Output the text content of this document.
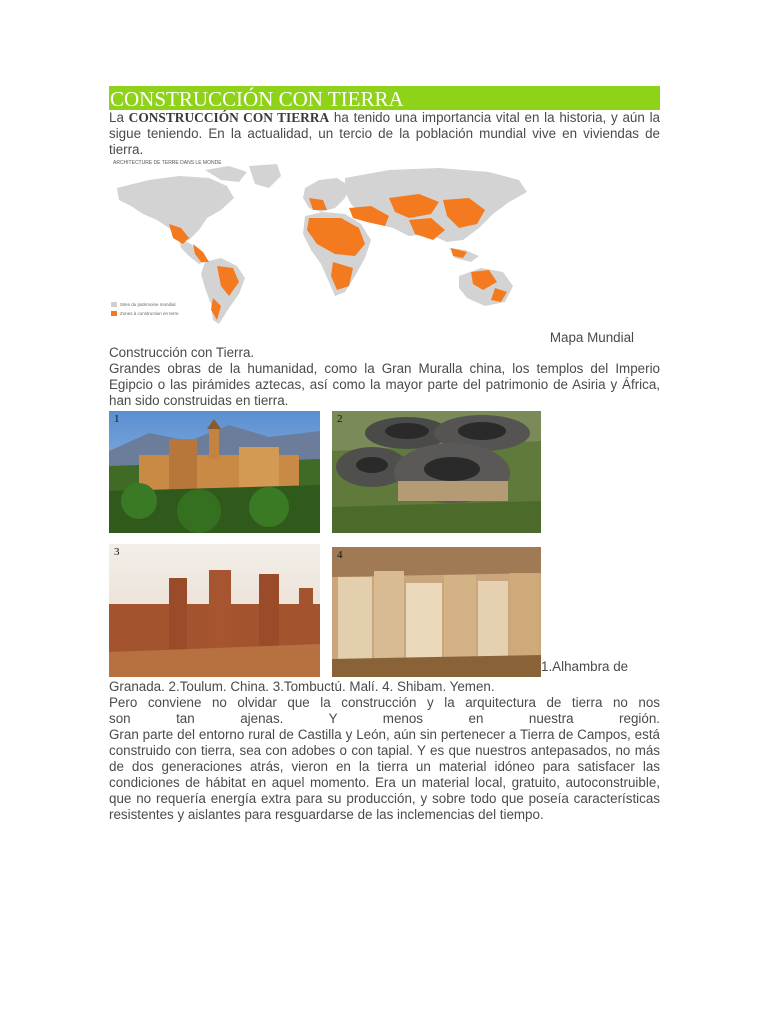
CONSTRUCCIÓN CON TIERRA

La CONSTRUCCIÓN CON TIERRA ha tenido una importancia vital en la historia, y aún la sigue teniendo. En la actualidad, un tercio de la población mundial vive en viviendas de tierra.

ARCHITECTURE DE TERRE DANS LE MONDE
Sites du patrimoine mondial
Zones à construction en terre

Mapa Mundial

Construcción con Tierra.

Grandes obras de la humanidad, como la Gran Muralla china, los templos del Imperio Egipcio o las pirámides aztecas, así como la mayor parte del patrimonio de Asiria y África, han sido construidas en tierra.

1	2
3	4
1.Alhambra de

Granada. 2.Toulum. China. 3.Tombuctú. Malí. 4. Shibam. Yemen.

Pero conviene no olvidar que la construcción y la arquitectura de tierra no nos

son tan ajenas. Y menos en nuestra región.

Gran parte del entorno rural de Castilla y León, aún sin pertenecer a Tierra de Campos, está construido con tierra, sea con adobes o con tapial. Y es que nuestros antepasados, no más de dos generaciones atrás, vieron en la tierra un material idóneo para satisfacer las condiciones de hábitat en aquel momento. Era un material local, gratuito, autoconstruible, que no requería energía extra para su producción, y sobre todo que poseía características resistentes y aislantes para resguardarse de las inclemencias del tiempo.
